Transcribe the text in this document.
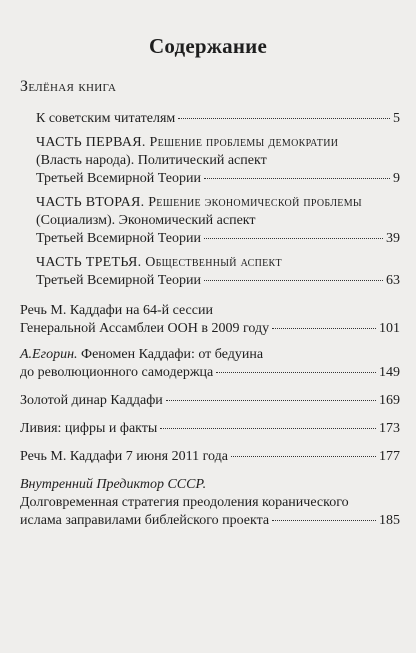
Содержание
Зелёная книга
К советским читателям	5
ЧАСТЬ ПЕРВАЯ. Решение проблемы демократии
(Власть народа). Политический аспект
Третьей Всемирной Теории	9
ЧАСТЬ ВТОРАЯ. Решение экономической проблемы
(Социализм). Экономический аспект
Третьей Всемирной Теории	39
ЧАСТЬ ТРЕТЬЯ. Общественный аспект
Третьей Всемирной Теории	63
Речь М. Каддафи на 64-й сессии
Генеральной Ассамблеи ООН в 2009 году	101
А.Егорин. Феномен Каддафи: от бедуина
до революционного самодержца	149
Золотой динар Каддафи	169
Ливия: цифры и факты	173
Речь М. Каддафи 7 июня 2011 года	177
Внутренний Предиктор СССР.
Долговременная стратегия преодоления коранического
ислама заправилами библейского проекта	185
